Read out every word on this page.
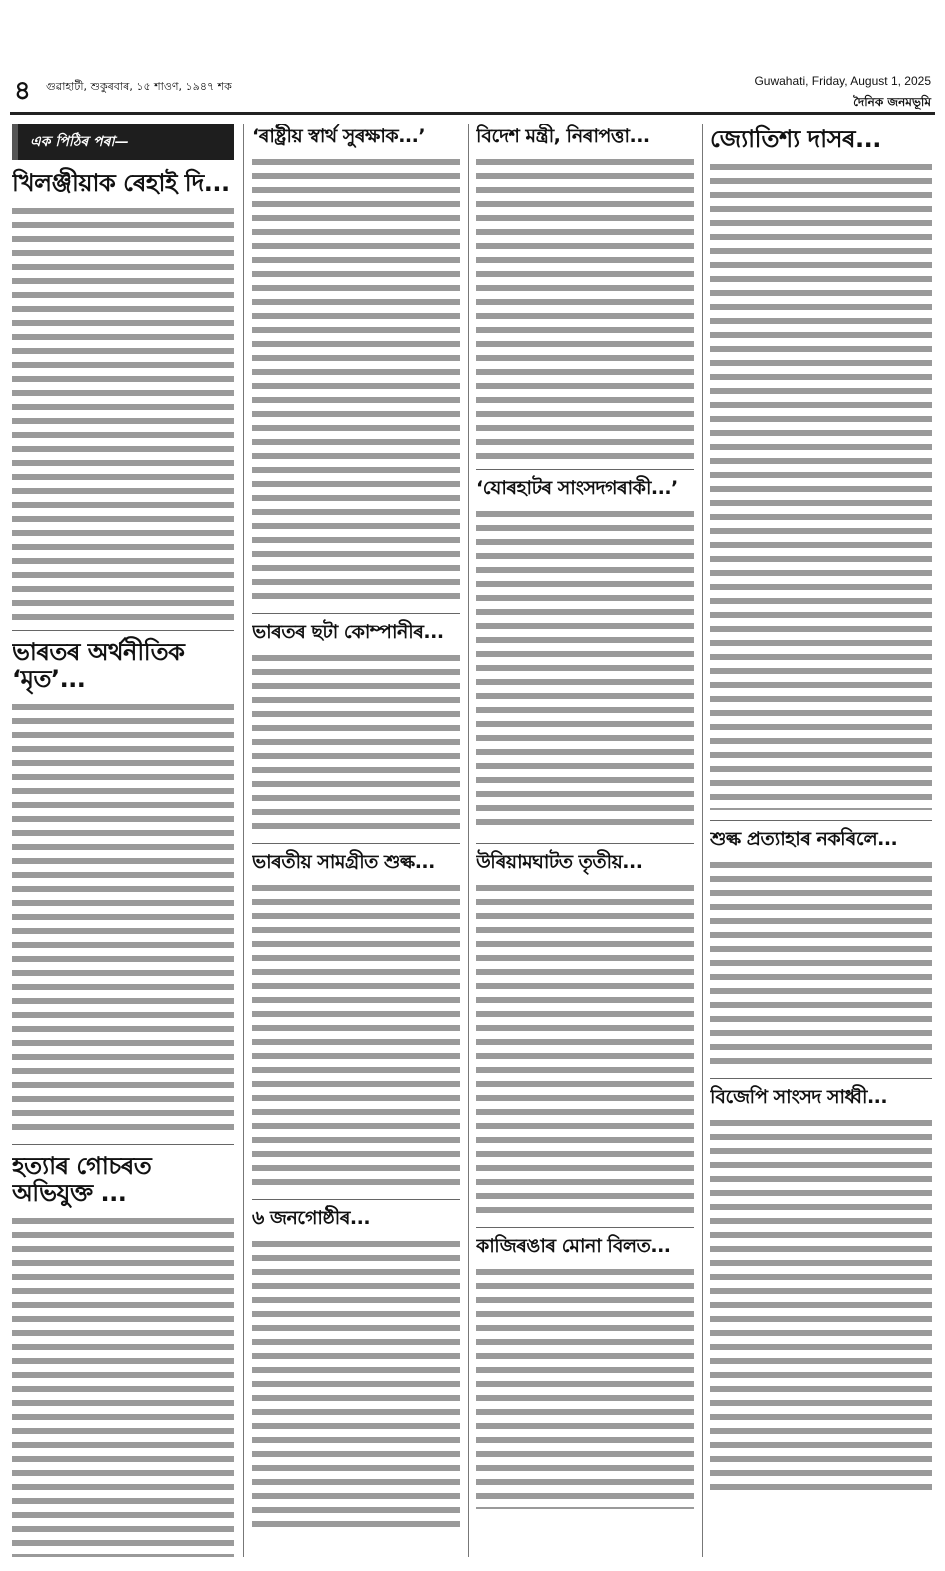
৪ গুৱাহাটী, শুকুৰবাৰ, ১৫ শাওণ, ১৯৪৭ শক	Guwahati, Friday, August 1, 2025
দৈনিক জনমভূমি
এক পিঠিৰ পৰা—
খিলঞ্জীয়াক ৰেহাই দি...
ভাৰতৰ অৰ্থনীতিক ‘মৃত’...
হত্যাৰ গোচৰত অভিযুক্ত ...
‘ৰাষ্ট্ৰীয় স্বাৰ্থ সুৰক্ষাক...’
ভাৰতৰ ছটা কোম্পানীৰ...
ভাৰতীয় সামগ্ৰীত শুল্ক...
৬ জনগোষ্ঠীৰ...
বিদেশ মন্ত্ৰী, নিৰাপত্তা...
‘যোৰহাটৰ সাংসদগৰাকী...’
উৰিয়ামঘাটত তৃতীয়...
কাজিৰঙাৰ মোনা বিলত...
জ্যোতিশ্য দাসৰ...
শুল্ক প্ৰত্যাহাৰ নকৰিলে...
বিজেপি সাংসদ সাধ্বী...
